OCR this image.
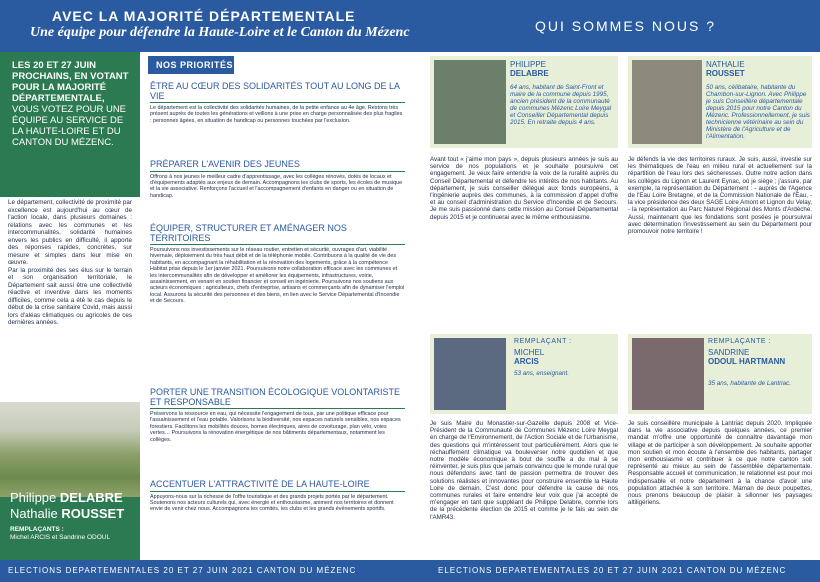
AVEC LA MAJORITÉ DÉPARTEMENTALE
Une équipe pour défendre la Haute-Loire et le Canton du Mézenc	QUI SOMMES NOUS ?
LES 20 ET 27 JUIN PROCHAINS, EN VOTANT POUR LA MAJORITÉ DÉPARTEMENTALE, VOUS VOTEZ POUR UNE ÉQUIPE AU SERVICE DE LA HAUTE-LOIRE ET DU CANTON DU MÉZENC.

Le département, collectivité de proximité par excellence est aujourd'hui au cœur de l'action locale, dans plusieurs domaines : relations avec les communes et les intercommunalités, solidarité humaines envers les publics en difficulté, il apporte des réponses rapides, concrètes, sur mesure et simples dans leur mise en œuvre.

Par la proximité des ses élus sur le terrain et son organisation territoriale, le Département sait aussi être une collectivité réactive et inventive dans les moments difficiles, comme cela a été le cas depuis le début de la crise sanitaire Covid, mais aussi lors d'aléas climatiques ou agricoles de ces dernières années.

Philippe DELABRE
Nathalie ROUSSET
REMPLAÇANTS :
Michel ARCIS et Sandrine ODOUL
NOS PRIORITÉS
ÊTRE AU CŒUR DES SOLIDARITÉS TOUT AU LONG DE LA VIE

Le département est la collectivité des solidarités humaines, de la petite enfance au 4e âge. Restons très présent auprès de toutes les générations et veillons à une prise en charge personnalisée des plus fragiles : personnes âgées, en situation de handicap ou personnes touchées par l'exclusion.

PRÉPARER L'AVENIR DES JEUNES

Offrons à nos jeunes le meilleur cadre d'apprentissage, avec les collèges rénovés, dotés de locaux et d'équipements adaptés aux enjeux de demain. Accompagnons les clubs de sports, les écoles de musique et la vie associative. Renforçons l'accueil et l'accompagnement d'enfants en danger ou en situation de handicap.

ÉQUIPER, STRUCTURER ET AMÉNAGER NOS TERRITOIRES

Poursuivons nos investissements sur le réseau routier, entretien et sécurité, ouvrages d'art, viabilité hivernale, déploiement du très haut débit et de la téléphonie mobile. Contribuons à la qualité de vie des habitants, en accompagnant la réhabilitation et la rénovation des logements, grâce à la compétence Habitat prise depuis le 1er janvier 2021. Poursuivons notre collaboration efficace avec les communes et les intercommunalités afin de développer et améliorer les équipements, infrastructures, voirie, assainissement, en venant en soutien financier et conseil en ingénierie. Poursuivons nos soutiens aux acteurs économiques : agriculteurs, chefs d'entreprise, artisans et commerçants afin de dynamiser l'emploi local. Assurons la sécurité des personnes et des biens, en lien avec le Service Départemental d'Incendie et de Secours.

PORTER UNE TRANSITION ÉCOLOGIQUE VOLONTARISTE ET RESPONSABLE

Préservons la ressource en eau, qui nécessite l'engagement de tous, par une politique efficace pour l'assainissement et l'eau potable. Valorisons la biodiversité, nos espaces naturels sensibles, nos espaces forestiers. Facilitons les mobilités douces, bornes électriques, aires de covoiturage, plan vélo, voies vertes… Poursuivons la rénovation énergétique de nos bâtiments départementaux, notamment les collèges.

ACCENTUER L'ATTRACTIVITÉ DE LA HAUTE-LOIRE

Appuyons-nous sur la richesse de l'offre touristique et des grands projets portés par le département. Soutenons nos acteurs culturels qui, avec énergie et enthousiasme, animent nos territoires et donnent envie de venir chez nous. Accompagnons les comités, les clubs et les grands événements sportifs.

PHILIPPE
DELABRE
64 ans, habitant de Saint-Front et maire de la commune depuis 1995, ancien président de la communauté de communes Mézenc Loire Meygal et Conseiller Départemental depuis 2015. En retraite depuis 4 ans.
Avant tout « j'aime mon pays », depuis plusieurs années je suis au service de nos populations et je souhaite poursuivre cet engagement. Je veux faire entendre la voix de la ruralité auprès du Conseil Départemental et défendre les intérêts de nos habitants. Au département, je suis conseiller délégué aux fonds européens, à l'ingénierie auprès des communes, à la commission d'appel d'offre et au conseil d'administration du Service d'Incendie et de Secours. Je me suis passionné dans cette mission au Conseil Départemental depuis 2015 et je continuerai avec le même enthousiasme.
NATHALIE
ROUSSET
50 ans, célibataire, habitante du Chambon-sur-Lignon. Avec Philippe je suis Conseillère départementale depuis 2015 pour notre Canton du Mézenc. Professionnellement, je suis technicienne vétérinaire au sein du Ministère de l'Agriculture et de l'Alimentation.
Je défends la vie des territoires ruraux. Je suis, aussi, investie sur les thématiques de l'eau en milieu rural et actuellement sur la répartition de l'eau lors des sécheresses. Outre notre action dans les collèges du Lignon et Laurent Eynac, où je siège ; j'assure, par exemple, la représentation du Département : - auprès de l'Agence de l'Eau Loire Bretagne, et de la Commission Nationale de l'Eau, - la vice présidence des deux SAGE Loire Amont et Lignon du Velay, - la représentation au Parc Naturel Régional des Monts d'Ardèche. Aussi, maintenant que les fondations sont posées je poursuivrai avec détermination l'investissement au sein du Département pour promouvoir notre territoire !
REMPLAÇANT :
MICHEL
ARCIS
53 ans, enseignant.
Je suis Maire du Monastier-sur-Gazeille depuis 2008 et Vice-Président de la Communauté de Communes Mézenc Loire Meygal en charge de l'Environnement, de l'Action Sociale et de l'Urbanisme, des questions qui m'intéressent tout particulièrement. Alors que le réchauffement climatique va bouleverser notre quotidien et que notre modèle économique à bout de souffle a du mal à se réinventer, je suis plus que jamais convaincu que le monde rural que nous défendons avec tant de passion permettra de trouver des solutions réalistes et innovantes pour construire ensemble la Haute Loire de demain. C'est donc pour défendre la cause de nos communes rurales et faire entendre leur voix que j'ai accepté de m'engager en tant que suppléant de Philippe Delabre, comme lors de la précédente élection de 2015 et comme je le fais au sein de l'AMR43.
REMPLAÇANTE :
SANDRINE
ODOUL HARTMANN
35 ans, habitante de Lantriac.
Je suis conseillère municipale à Lantriac depuis 2020. Impliquée dans la vie associative depuis quelques années, ce premier mandat m'offre une opportunité de connaître davantage mon village et de participer à son développement. Je souhaite apporter mon soutien et mon écoute à l'ensemble des habitants, partager mon enthousiasme et contribuer à ce que notre canton soit représenté au mieux au sein de l'assemblée départementale. Responsable accueil et communication, le relationnel est pour moi indispensable et notre département à la chance d'avoir une population attachée à son territoire. Maman de deux poupettes, nous prenons beaucoup de plaisir à sillonner les paysages altiligériens.
ELECTIONS DEPARTEMENTALES 20 ET 27 JUIN 2021 CANTON DU MÉZENC	ELECTIONS DEPARTEMENTALES 20 ET 27 JUIN 2021 CANTON DU MÉZENC
